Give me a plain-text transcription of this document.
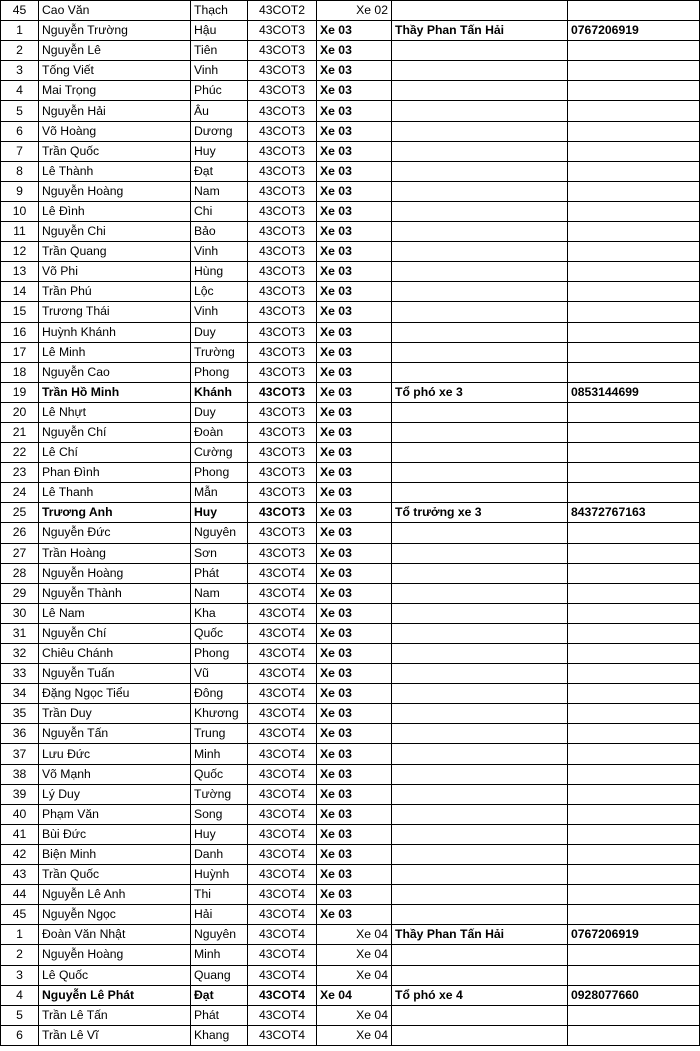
45	Cao Văn	Thạch	43COT2	Xe 02		
1	Nguyễn Trường	Hậu	43COT3	Xe 03	Thầy Phan Tấn Hải	0767206919
2	Nguyễn Lê	Tiên	43COT3	Xe 03		
3	Tống Viết	Vinh	43COT3	Xe 03		
4	Mai Trọng	Phúc	43COT3	Xe 03		
5	Nguyễn Hải	Âu	43COT3	Xe 03		
6	Võ Hoàng	Dương	43COT3	Xe 03		
7	Trần Quốc	Huy	43COT3	Xe 03		
8	Lê Thành	Đạt	43COT3	Xe 03		
9	Nguyễn Hoàng	Nam	43COT3	Xe 03		
10	Lê Đình	Chi	43COT3	Xe 03		
11	Nguyễn Chi	Bảo	43COT3	Xe 03		
12	Trần Quang	Vinh	43COT3	Xe 03		
13	Võ Phi	Hùng	43COT3	Xe 03		
14	Trần Phú	Lộc	43COT3	Xe 03		
15	Trương Thái	Vinh	43COT3	Xe 03		
16	Huỳnh Khánh	Duy	43COT3	Xe 03		
17	Lê Minh	Trường	43COT3	Xe 03		
18	Nguyễn Cao	Phong	43COT3	Xe 03		
19	Trần Hồ Minh	Khánh	43COT3	Xe 03	Tổ phó xe 3	0853144699
20	Lê Nhựt	Duy	43COT3	Xe 03		
21	Nguyễn Chí	Đoàn	43COT3	Xe 03		
22	Lê Chí	Cường	43COT3	Xe 03		
23	Phan Đình	Phong	43COT3	Xe 03		
24	Lê Thanh	Mẫn	43COT3	Xe 03		
25	Trương Anh	Huy	43COT3	Xe 03	Tổ trưởng xe 3	84372767163
26	Nguyễn Đức	Nguyên	43COT3	Xe 03		
27	Trần Hoàng	Sơn	43COT3	Xe 03		
28	Nguyễn Hoàng	Phát	43COT4	Xe 03		
29	Nguyễn Thành	Nam	43COT4	Xe 03		
30	Lê Nam	Kha	43COT4	Xe 03		
31	Nguyễn Chí	Quốc	43COT4	Xe 03		
32	Chiêu Chánh	Phong	43COT4	Xe 03		
33	Nguyễn Tuấn	Vũ	43COT4	Xe 03		
34	Đặng Ngọc Tiểu	Đông	43COT4	Xe 03		
35	Trần Duy	Khương	43COT4	Xe 03		
36	Nguyễn Tấn	Trung	43COT4	Xe 03		
37	Lưu Đức	Minh	43COT4	Xe 03		
38	Võ Mạnh	Quốc	43COT4	Xe 03		
39	Lý Duy	Tường	43COT4	Xe 03		
40	Phạm Văn	Song	43COT4	Xe 03		
41	Bùi Đức	Huy	43COT4	Xe 03		
42	Biện Minh	Danh	43COT4	Xe 03		
43	Trần Quốc	Huỳnh	43COT4	Xe 03		
44	Nguyễn Lê Anh	Thi	43COT4	Xe 03		
45	Nguyễn Ngọc	Hải	43COT4	Xe 03		
1	Đoàn Văn Nhật	Nguyên	43COT4	Xe 04	Thầy Phan Tấn Hải	0767206919
2	Nguyễn Hoàng	Minh	43COT4	Xe 04		
3	Lê Quốc	Quang	43COT4	Xe 04		
4	Nguyễn Lê Phát	Đạt	43COT4	Xe 04	Tổ phó xe 4	0928077660
5	Trần Lê Tấn	Phát	43COT4	Xe 04		
6	Trần Lê Vĩ	Khang	43COT4	Xe 04		
